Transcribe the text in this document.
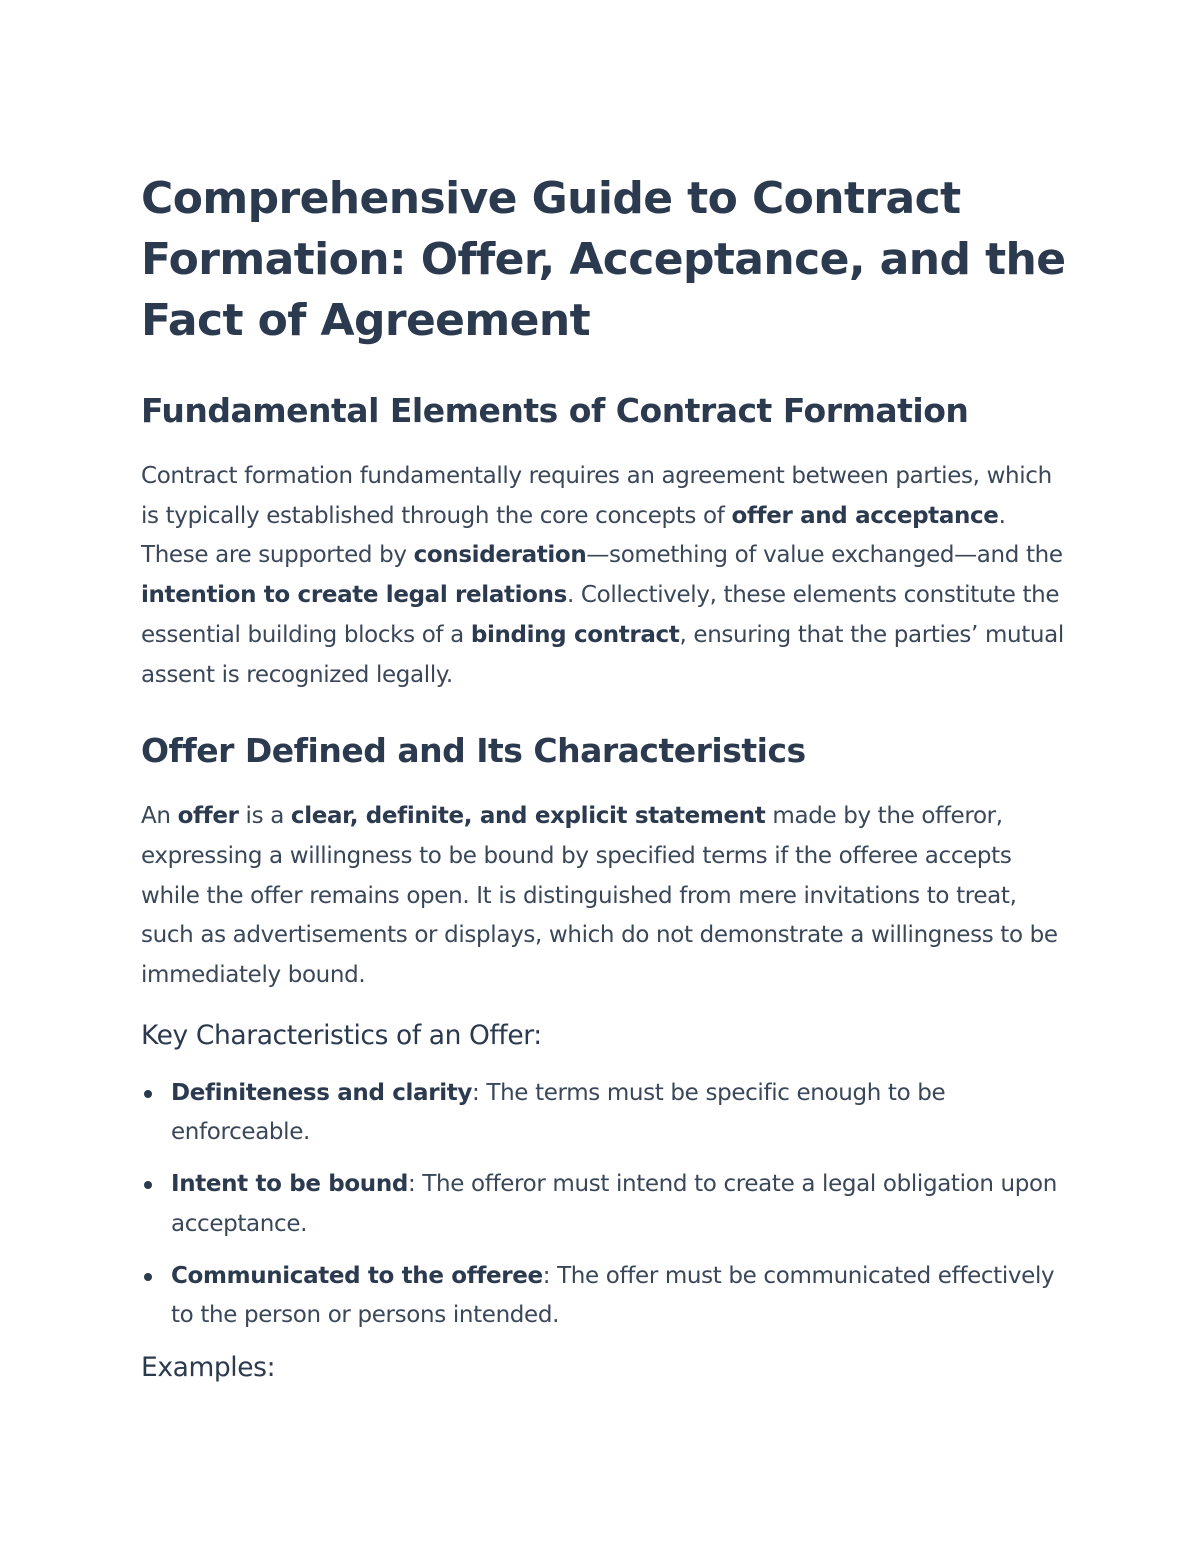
Comprehensive Guide to Contract Formation: Offer, Acceptance, and the Fact of Agreement
Fundamental Elements of Contract Formation

Contract formation fundamentally requires an agreement between parties, which is typically established through the core concepts of offer and acceptance. These are supported by consideration—something of value exchanged—and the intention to create legal relations. Collectively, these elements constitute the essential building blocks of a binding contract, ensuring that the parties’ mutual assent is recognized legally.

Offer Defined and Its Characteristics

An offer is a clear, definite, and explicit statement made by the offeror, expressing a willingness to be bound by specified terms if the offeree accepts while the offer remains open. It is distinguished from mere invitations to treat, such as advertisements or displays, which do not demonstrate a willingness to be immediately bound.

Key Characteristics of an Offer:
Definiteness and clarity: The terms must be specific enough to be enforceable.
Intent to be bound: The offeror must intend to create a legal obligation upon acceptance.
Communicated to the offeree: The offer must be communicated effectively to the person or persons intended.
Examples:
